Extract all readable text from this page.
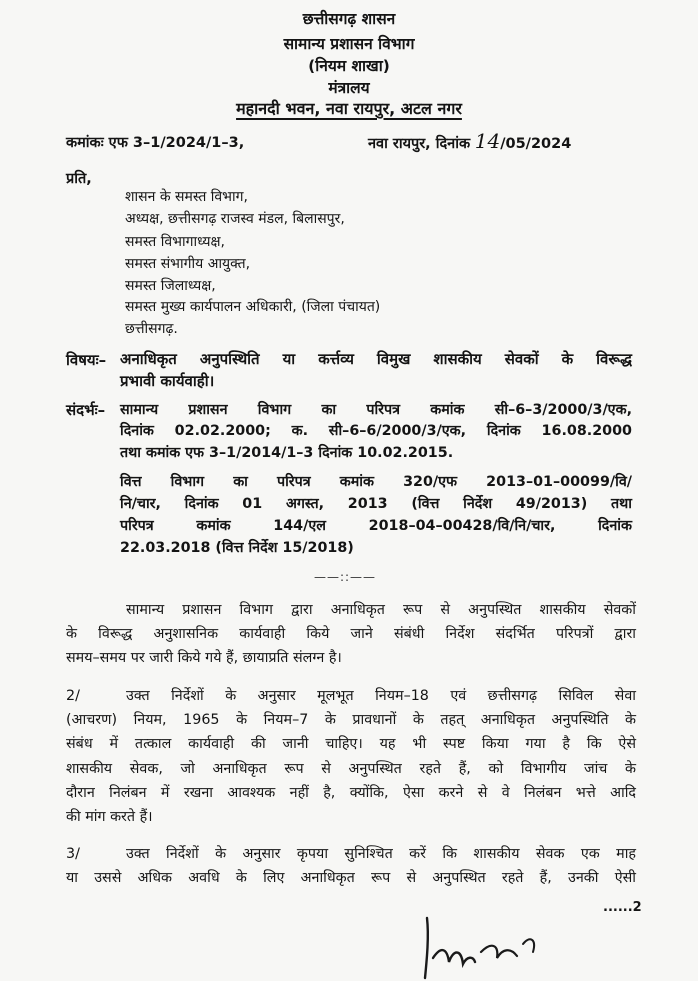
छत्तीसगढ़ शासन
सामान्य प्रशासन विभाग
(नियम शाखा)
मंत्रालय
महानदी भवन, नवा रायपुर, अटल नगर
कमांकः एफ 3–1/2024/1–3,	नवा रायपुर, दिनांक 14/05/2024
प्रति,
शासन के समस्त विभाग,
अध्यक्ष, छत्तीसगढ़ राजस्व मंडल, बिलासपुर,
समस्त विभागाध्यक्ष,
समस्त संभागीय आयुक्त,
समस्त जिलाध्यक्ष,
समस्त मुख्य कार्यपालन अधिकारी, (जिला पंचायत)
छत्तीसगढ़.
विषयः– अनाधिकृत अनुपस्थिति या कर्त्तव्य विमुख शासकीय सेवकों के विरूद्ध
प्रभावी कार्यवाही।
संदर्भः– सामान्य प्रशासन विभाग का परिपत्र कमांक सी–6–3/2000/3/एक,
दिनांक 02.02.2000; क. सी–6–6/2000/3/एक, दिनांक 16.08.2000
तथा कमांक एफ 3–1/2014/1–3 दिनांक 10.02.2015.
वित्त विभाग का परिपत्र कमांक 320/एफ 2013–01–00099/वि/
नि/चार, दिनांक 01 अगस्त, 2013 (वित्त निर्देश 49/2013) तथा
परिपत्र कमांक 144/एल 2018–04–00428/वि/नि/चार, दिनांक
22.03.2018 (वित्त निर्देश 15/2018)
——::——
सामान्य प्रशासन विभाग द्वारा अनाधिकृत रूप से अनुपस्थित शासकीय सेवकों
के विरूद्ध अनुशासनिक कार्यवाही किये जाने संबंधी निर्देश संदर्भित परिपत्रों द्वारा
समय–समय पर जारी किये गये हैं, छायाप्रति संलग्न है।
2/	उक्त निर्देशों के अनुसार मूलभूत नियम–18 एवं छत्तीसगढ़ सिविल सेवा
(आचरण) नियम, 1965 के नियम–7 के प्रावधानों के तहत् अनाधिकृत अनुपस्थिति के
संबंध में तत्काल कार्यवाही की जानी चाहिए। यह भी स्पष्ट किया गया है कि ऐसे
शासकीय सेवक, जो अनाधिकृत रूप से अनुपस्थित रहते हैं, को विभागीय जांच के
दौरान निलंबन में रखना आवश्यक नहीं है, क्योंकि, ऐसा करने से वे निलंबन भत्ते आदि
की मांग करते हैं।
3/	उक्त निर्देशों के अनुसार कृपया सुनिश्चित करें कि शासकीय सेवक एक माह
या उससे अधिक अवधि के लिए अनाधिकृत रूप से अनुपस्थित रहते हैं, उनकी ऐसी
......2
